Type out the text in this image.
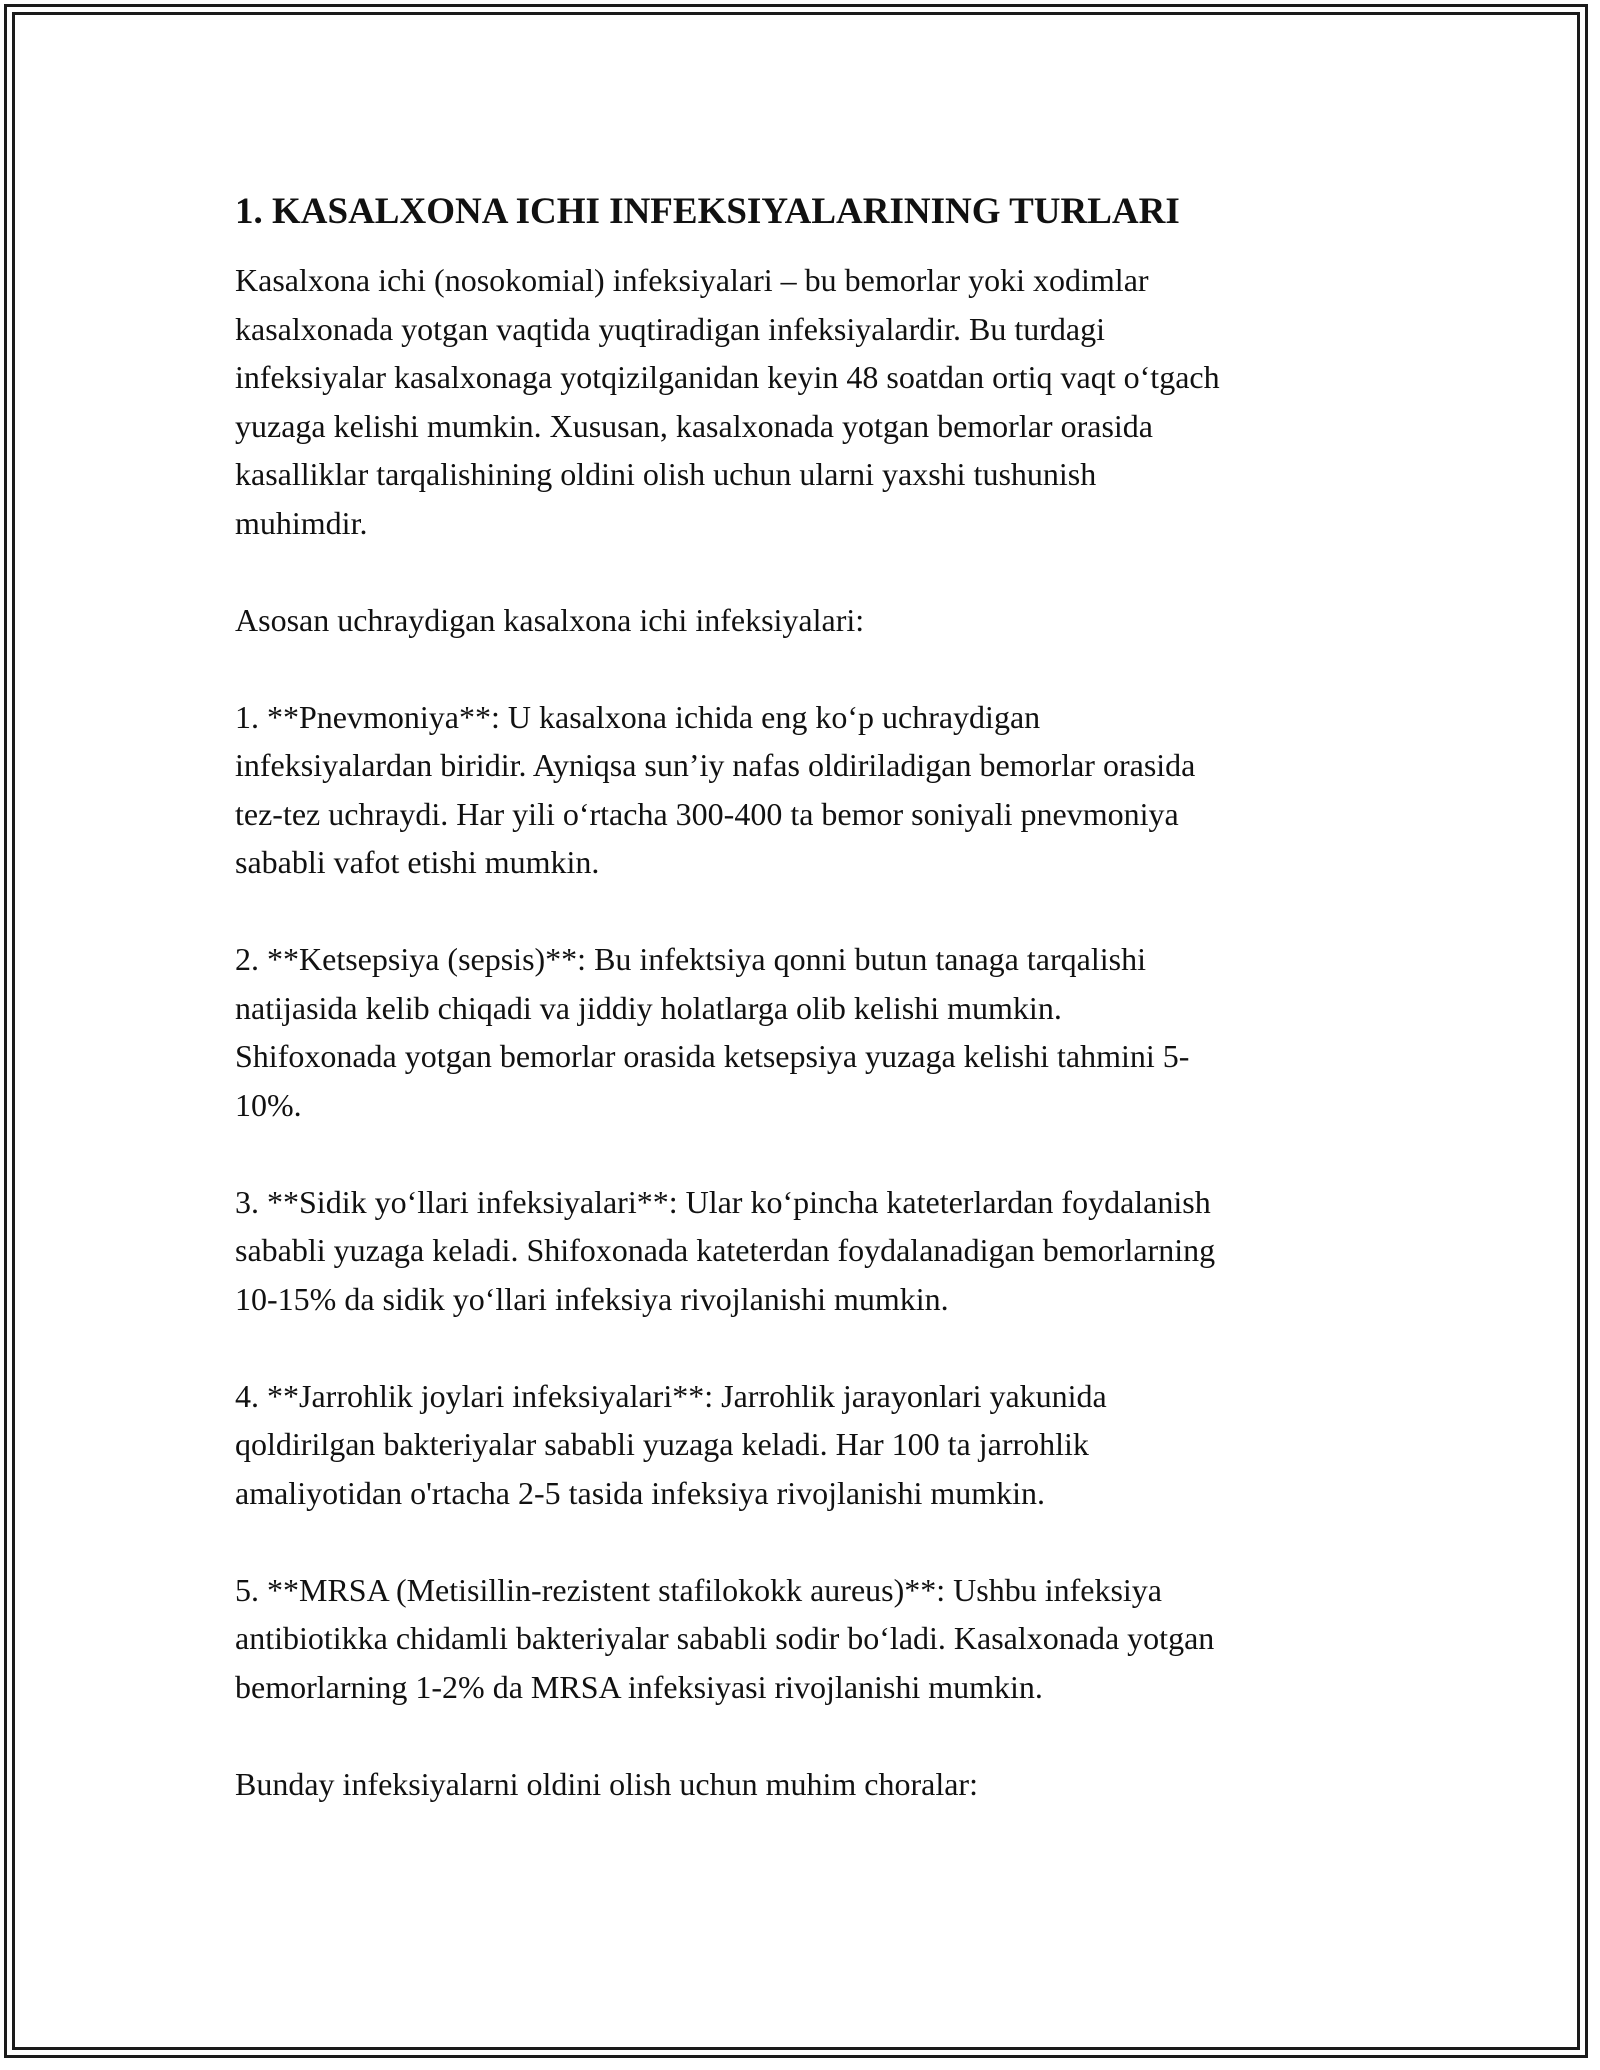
1. KASALXONA ICHI INFEKSIYALARINING TURLARI

Kasalxona ichi (nosokomial) infeksiyalari – bu bemorlar yoki xodimlar
kasalxonada yotgan vaqtida yuqtiradigan infeksiyalardir. Bu turdagi
infeksiyalar kasalxonaga yotqizilganidan keyin 48 soatdan ortiq vaqt o‘tgach
yuzaga kelishi mumkin. Xususan, kasalxonada yotgan bemorlar orasida
kasalliklar tarqalishining oldini olish uchun ularni yaxshi tushunish
muhimdir.

Asosan uchraydigan kasalxona ichi infeksiyalari:

1. **Pnevmoniya**: U kasalxona ichida eng ko‘p uchraydigan
infeksiyalardan biridir. Ayniqsa sun’iy nafas oldiriladigan bemorlar orasida
tez-tez uchraydi. Har yili o‘rtacha 300-400 ta bemor soniyali pnevmoniya
sababli vafot etishi mumkin.

2. **Ketsepsiya (sepsis)**: Bu infektsiya qonni butun tanaga tarqalishi
natijasida kelib chiqadi va jiddiy holatlarga olib kelishi mumkin.
Shifoxonada yotgan bemorlar orasida ketsepsiya yuzaga kelishi tahmini 5-
10%.

3. **Sidik yo‘llari infeksiyalari**: Ular ko‘pincha kateterlardan foydalanish
sababli yuzaga keladi. Shifoxonada kateterdan foydalanadigan bemorlarning
10-15% da sidik yo‘llari infeksiya rivojlanishi mumkin.

4. **Jarrohlik joylari infeksiyalari**: Jarrohlik jarayonlari yakunida
qoldirilgan bakteriyalar sababli yuzaga keladi. Har 100 ta jarrohlik
amaliyotidan o'rtacha 2-5 tasida infeksiya rivojlanishi mumkin.

5. **MRSA (Metisillin-rezistent stafilokokk aureus)**: Ushbu infeksiya
antibiotikka chidamli bakteriyalar sababli sodir bo‘ladi. Kasalxonada yotgan
bemorlarning 1-2% da MRSA infeksiyasi rivojlanishi mumkin.

Bunday infeksiyalarni oldini olish uchun muhim choralar:
